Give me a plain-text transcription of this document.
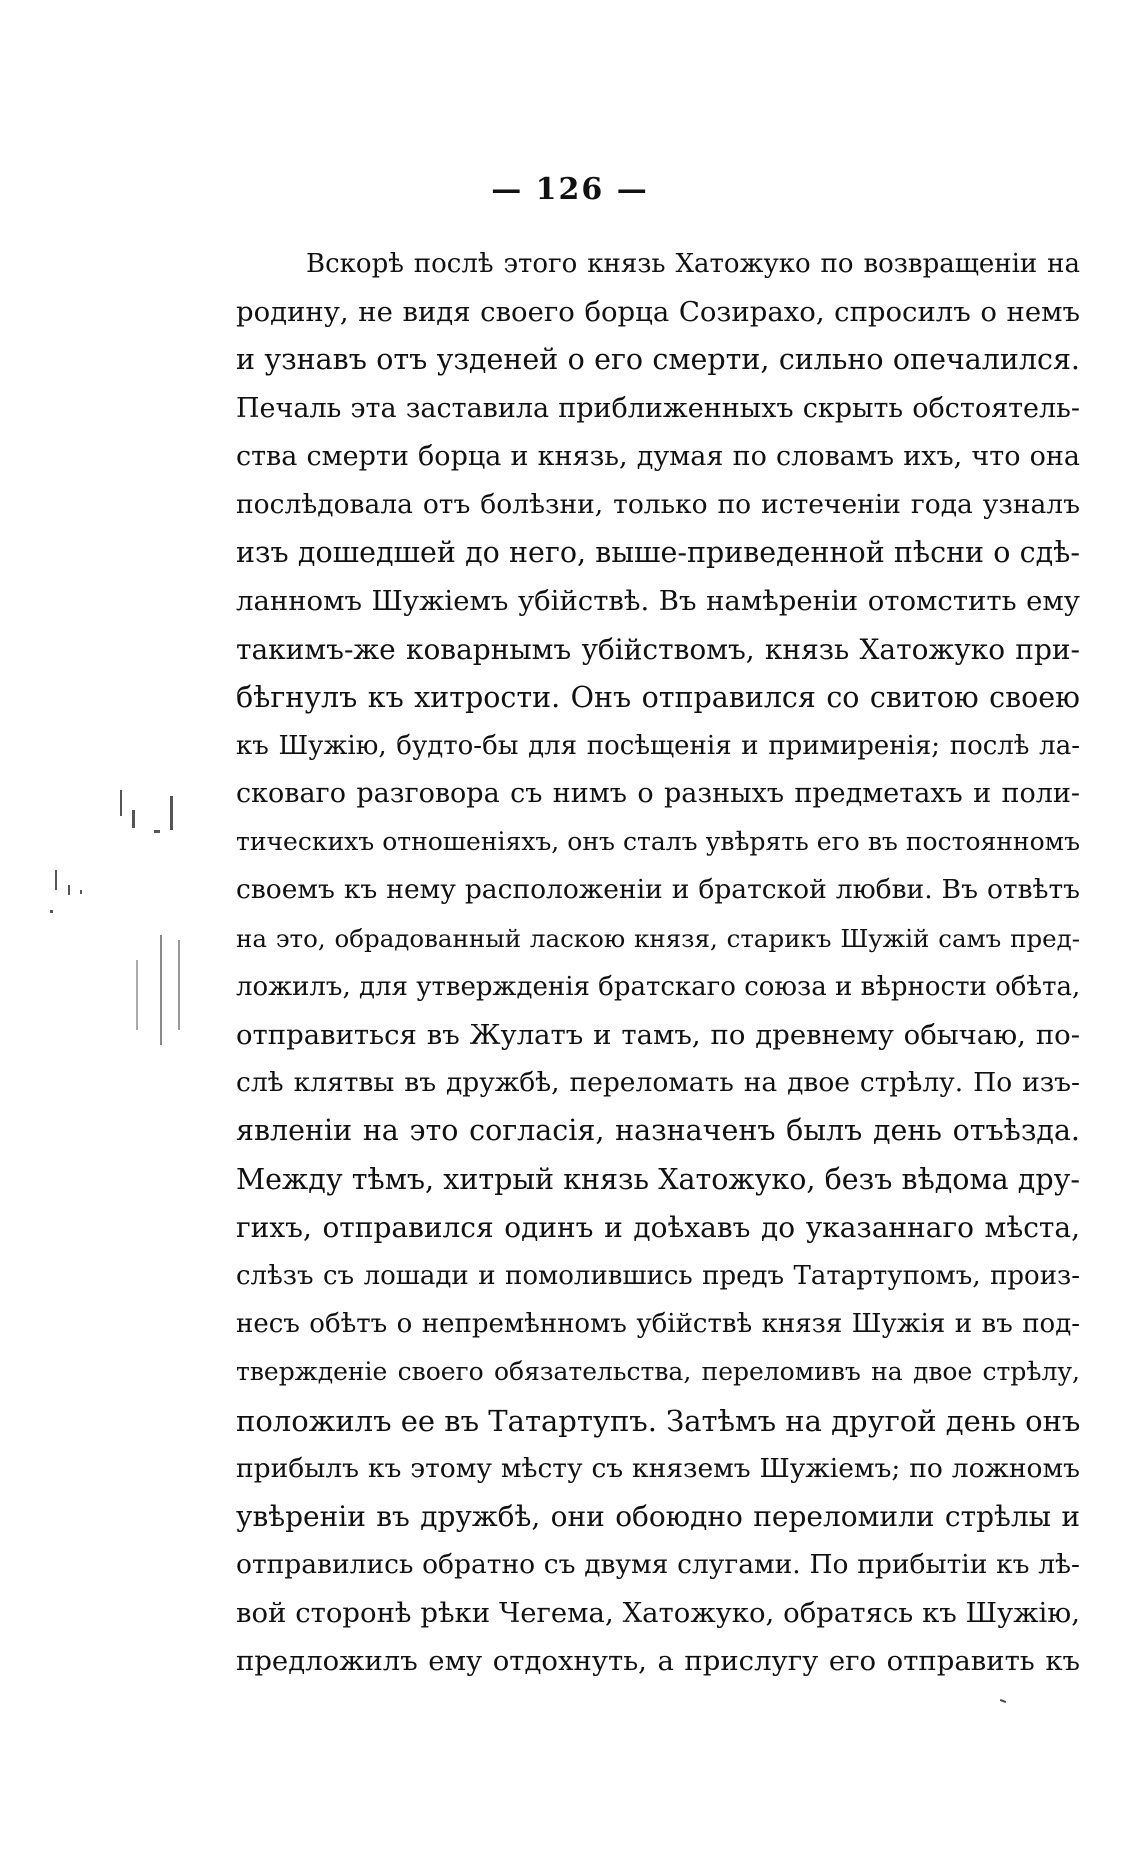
— 126 —
Вскорѣ послѣ этого князь Хатожуко по возвращеніи на
родину, не видя своего борца Созирахо, спросилъ о немъ
и узнавъ отъ узденей о его смерти, сильно опечалился.
Печаль эта заставила приближенныхъ скрыть обстоятель-
ства смерти борца и князь, думая по словамъ ихъ, что она
послѣдовала отъ болѣзни, только по истеченіи года узналъ
изъ дошедшей до него, выше-приведенной пѣсни о сдѣ-
ланномъ Шужіемъ убійствѣ. Въ намѣреніи отомстить ему
такимъ-же коварнымъ убійствомъ, князь Хатожуко при-
бѣгнулъ къ хитрости. Онъ отправился со свитою своею
къ Шужію, будто-бы для посѣщенія и примиренія; послѣ ла-
сковаго разговора съ нимъ о разныхъ предметахъ и поли-
тическихъ отношеніяхъ, онъ сталъ увѣрять его въ постоянномъ
своемъ къ нему расположеніи и братской любви. Въ отвѣтъ
на это, обрадованный ласкою князя, старикъ Шужій самъ пред-
ложилъ, для утвержденія братскаго союза и вѣрности обѣта,
отправиться въ Жулатъ и тамъ, по древнему обычаю, по-
слѣ клятвы въ дружбѣ, переломать на двое стрѣлу. По изъ-
явленіи на это согласія, назначенъ былъ день отъѣзда.
Между тѣмъ, хитрый князь Хатожуко, безъ вѣдома дру-
гихъ, отправился одинъ и доѣхавъ до указаннаго мѣста,
слѣзъ съ лошади и помолившись предъ Татартупомъ, произ-
несъ обѣтъ о непремѣнномъ убійствѣ князя Шужія и въ под-
твержденіе своего обязательства, переломивъ на двое стрѣлу,
положилъ ее въ Татартупъ. Затѣмъ на другой день онъ
прибылъ къ этому мѣсту съ княземъ Шужіемъ; по ложномъ
увѣреніи въ дружбѣ, они обоюдно переломили стрѣлы и
отправились обратно съ двумя слугами. По прибытіи къ лѣ-
вой сторонѣ рѣки Чегема, Хатожуко, обратясь къ Шужію,
предложилъ ему отдохнуть, а прислугу его отправить къ
